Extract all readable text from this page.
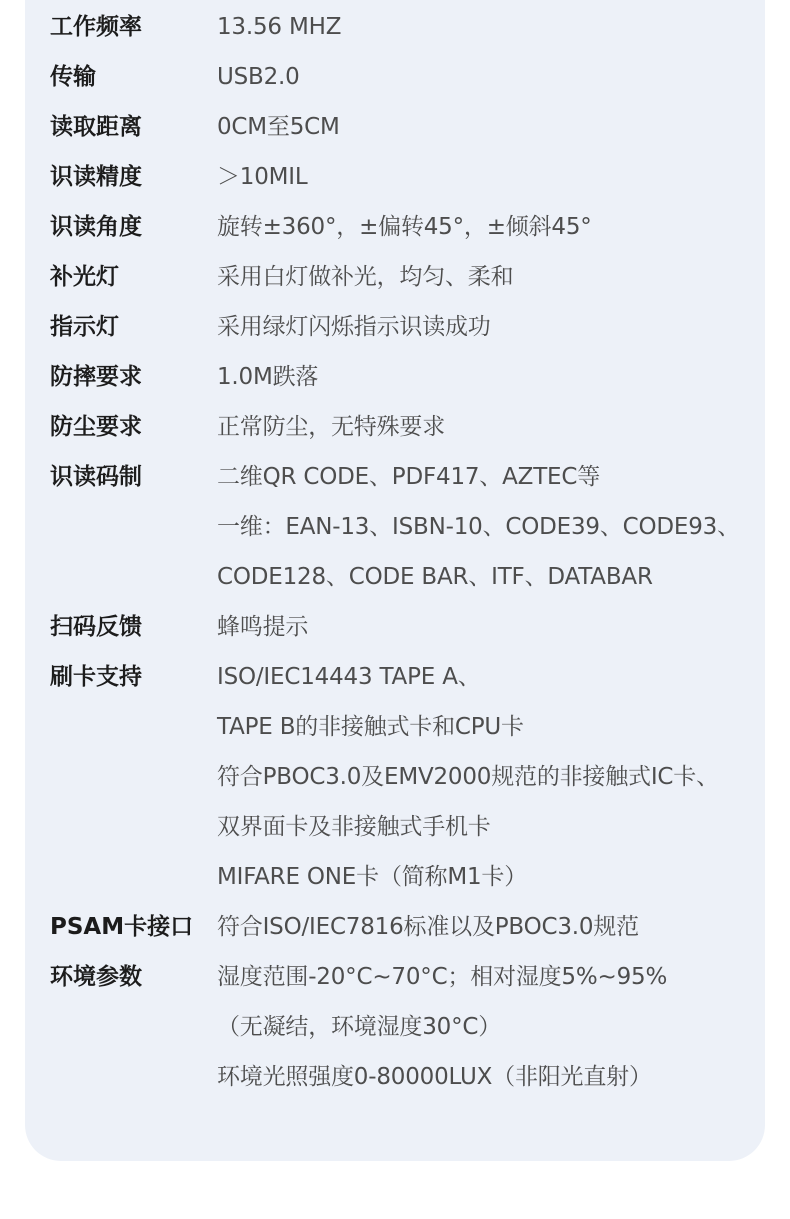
工作频率	13.56 MHZ
传输	USB2.0
读取距离	0CM至5CM
识读精度	＞10MIL
识读角度	旋转±360°，±偏转45°，±倾斜45°
补光灯	采用白灯做补光，均匀、柔和
指示灯	采用绿灯闪烁指示识读成功
防摔要求	1.0M跌落
防尘要求	正常防尘，无特殊要求
识读码制	二维QR CODE、PDF417、AZTEC等
一维：EAN-13、ISBN-10、CODE39、CODE93、
CODE128、CODE BAR、ITF、DATABAR
扫码反馈	蜂鸣提示
刷卡支持	ISO/IEC14443 TAPE A、
TAPE B的非接触式卡和CPU卡
符合PBOC3.0及EMV2000规范的非接触式IC卡、
双界面卡及非接触式手机卡
MIFARE ONE卡（简称M1卡）
PSAM卡接口	符合ISO/IEC7816标准以及PBOC3.0规范
环境参数	湿度范围-20°C~70°C；相对湿度5%~95%
（无凝结，环境湿度30°C）
环境光照强度0-80000LUX（非阳光直射）
